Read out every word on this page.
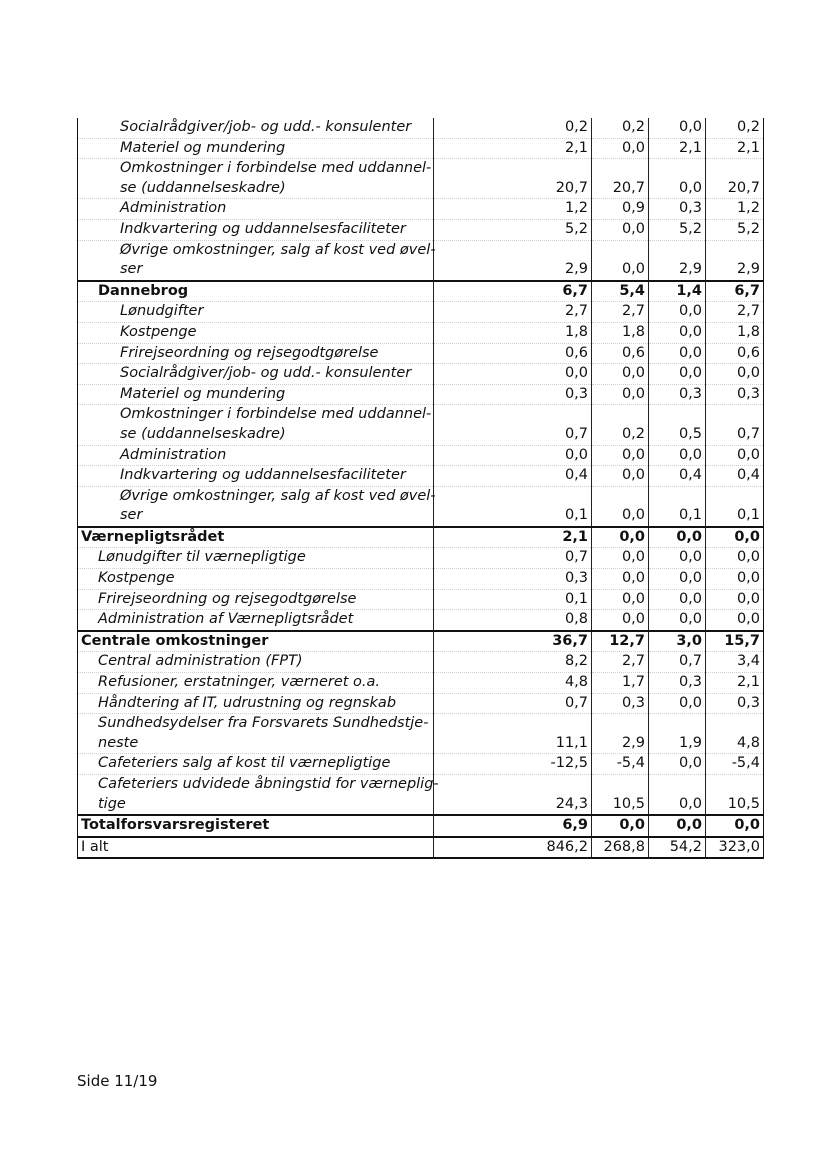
Socialrådgiver/job- og udd.- konsulenter	0,2	0,2	0,0	0,2

Materiel og mundering	2,1	0,0	2,1	2,1

Omkostninger i forbindelse med uddannel-
se (uddannelseskadre)	20,7	20,7	0,0	20,7

Administration	1,2	0,9	0,3	1,2

Indkvartering og uddannelsesfaciliteter	5,2	0,0	5,2	5,2

Øvrige omkostninger, salg af kost ved øvel-
ser	2,9	0,0	2,9	2,9

Dannebrog	6,7	5,4	1,4	6,7

Lønudgifter	2,7	2,7	0,0	2,7

Kostpenge	1,8	1,8	0,0	1,8

Frirejseordning og rejsegodtgørelse	0,6	0,6	0,0	0,6

Socialrådgiver/job- og udd.- konsulenter	0,0	0,0	0,0	0,0

Materiel og mundering	0,3	0,0	0,3	0,3

Omkostninger i forbindelse med uddannel-
se (uddannelseskadre)	0,7	0,2	0,5	0,7

Administration	0,0	0,0	0,0	0,0

Indkvartering og uddannelsesfaciliteter	0,4	0,0	0,4	0,4

Øvrige omkostninger, salg af kost ved øvel-
ser	0,1	0,0	0,1	0,1

Værnepligtsrådet	2,1	0,0	0,0	0,0

Lønudgifter til værnepligtige	0,7	0,0	0,0	0,0

Kostpenge	0,3	0,0	0,0	0,0

Frirejseordning og rejsegodtgørelse	0,1	0,0	0,0	0,0

Administration af Værnepligtsrådet	0,8	0,0	0,0	0,0

Centrale omkostninger	36,7	12,7	3,0	15,7

Central administration (FPT)	8,2	2,7	0,7	3,4

Refusioner, erstatninger, værneret o.a.	4,8	1,7	0,3	2,1

Håndtering af IT, udrustning og regnskab	0,7	0,3	0,0	0,3

Sundhedsydelser fra Forsvarets Sundhedstje-
neste	11,1	2,9	1,9	4,8

Cafeteriers salg af kost til værnepligtige	-12,5	-5,4	0,0	-5,4

Cafeteriers udvidede åbningstid for værneplig-
tige	24,3	10,5	0,0	10,5

Totalforsvarsregisteret	6,9	0,0	0,0	0,0

I alt	846,2	268,8	54,2	323,0
Side 11/19
